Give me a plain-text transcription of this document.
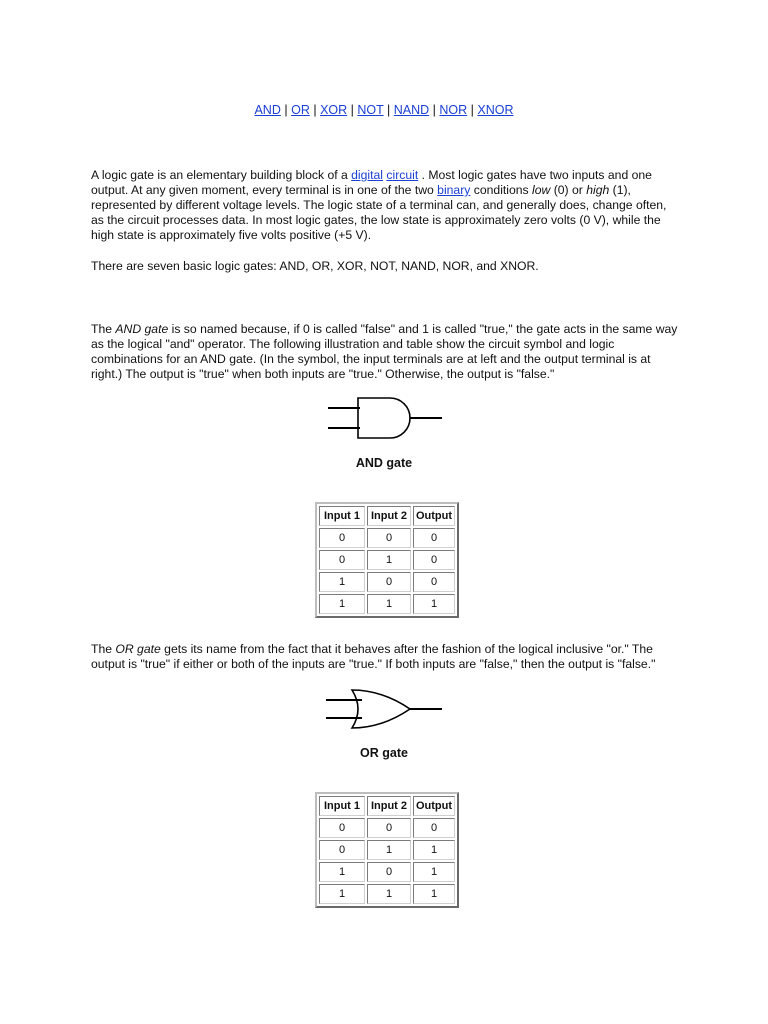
AND | OR | XOR | NOT | NAND | NOR | XNOR

A logic gate is an elementary building block of a digital circuit . Most logic gates have two inputs and one output. At any given moment, every terminal is in one of the two binary conditions low (0) or high (1), represented by different voltage levels. The logic state of a terminal can, and generally does, change often, as the circuit processes data. In most logic gates, the low state is approximately zero volts (0 V), while the high state is approximately five volts positive (+5 V).

There are seven basic logic gates: AND, OR, XOR, NOT, NAND, NOR, and XNOR.

The AND gate is so named because, if 0 is called "false" and 1 is called "true," the gate acts in the same way as the logical "and" operator. The following illustration and table show the circuit symbol and logic combinations for an AND gate. (In the symbol, the input terminals are at left and the output terminal is at right.) The output is "true" when both inputs are "true." Otherwise, the output is "false."

AND gate
Input 1	Input 2	Output
0	0	0
0	1	0
1	0	0
1	1	1

The OR gate gets its name from the fact that it behaves after the fashion of the logical inclusive "or." The output is "true" if either or both of the inputs are "true." If both inputs are "false," then the output is "false."

OR gate
Input 1	Input 2	Output
0	0	0
0	1	1
1	0	1
1	1	1
